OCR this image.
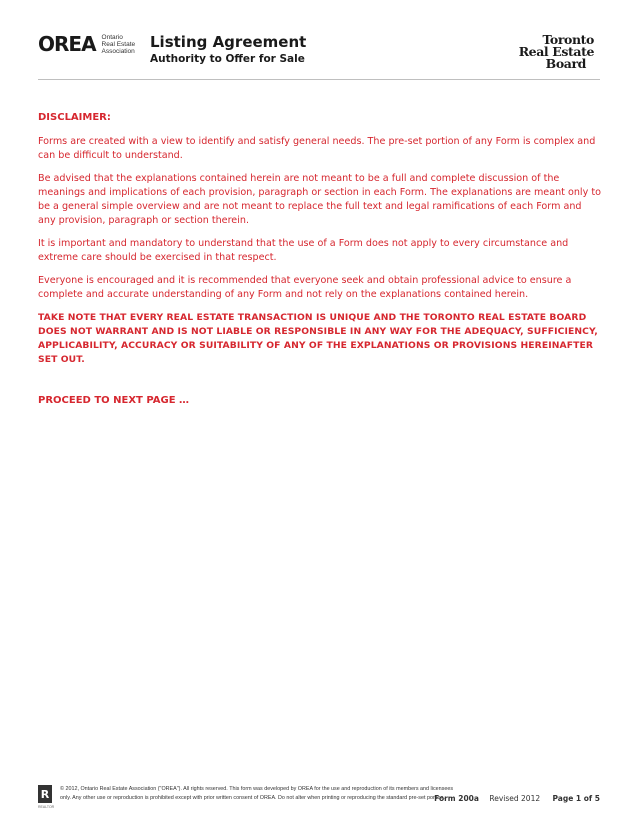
OREA Ontario
Real Estate
Association Listing Agreement
Authority to Offer for Sale
Toronto
Real Estate
Board

DISCLAIMER:

Forms are created with a view to identify and satisfy general needs. The pre-set portion of any Form is complex and can be difficult to understand.

Be advised that the explanations contained herein are not meant to be a full and complete discussion of the meanings and implications of each provision, paragraph or section in each Form. The explanations are meant only to be a general simple overview and are not meant to replace the full text and legal ramifications of each Form and any provision, paragraph or section therein.

It is important and mandatory to understand that the use of a Form does not apply to every circumstance and extreme care should be exercised in that respect.

Everyone is encouraged and it is recommended that everyone seek and obtain professional advice to ensure a complete and accurate understanding of any Form and not rely on the explanations contained herein.

TAKE NOTE THAT EVERY REAL ESTATE TRANSACTION IS UNIQUE AND THE TORONTO REAL ESTATE BOARD DOES NOT WARRANT AND IS NOT LIABLE OR RESPONSIBLE IN ANY WAY FOR THE ADEQUACY, SUFFICIENCY, APPLICABILITY, ACCURACY OR SUITABILITY OF ANY OF THE EXPLANATIONS OR PROVISIONS HEREINAFTER SET OUT.

PROCEED TO NEXT PAGE …

R
REALTOR
© 2012, Ontario Real Estate Association ("OREA"). All rights reserved. This form was developed by OREA for the use and reproduction of its members and licensees
only. Any other use or reproduction is prohibited except with prior written consent of OREA. Do not alter when printing or reproducing the standard pre-set portion.
Form 200a Revised 2012 Page 1 of 5
